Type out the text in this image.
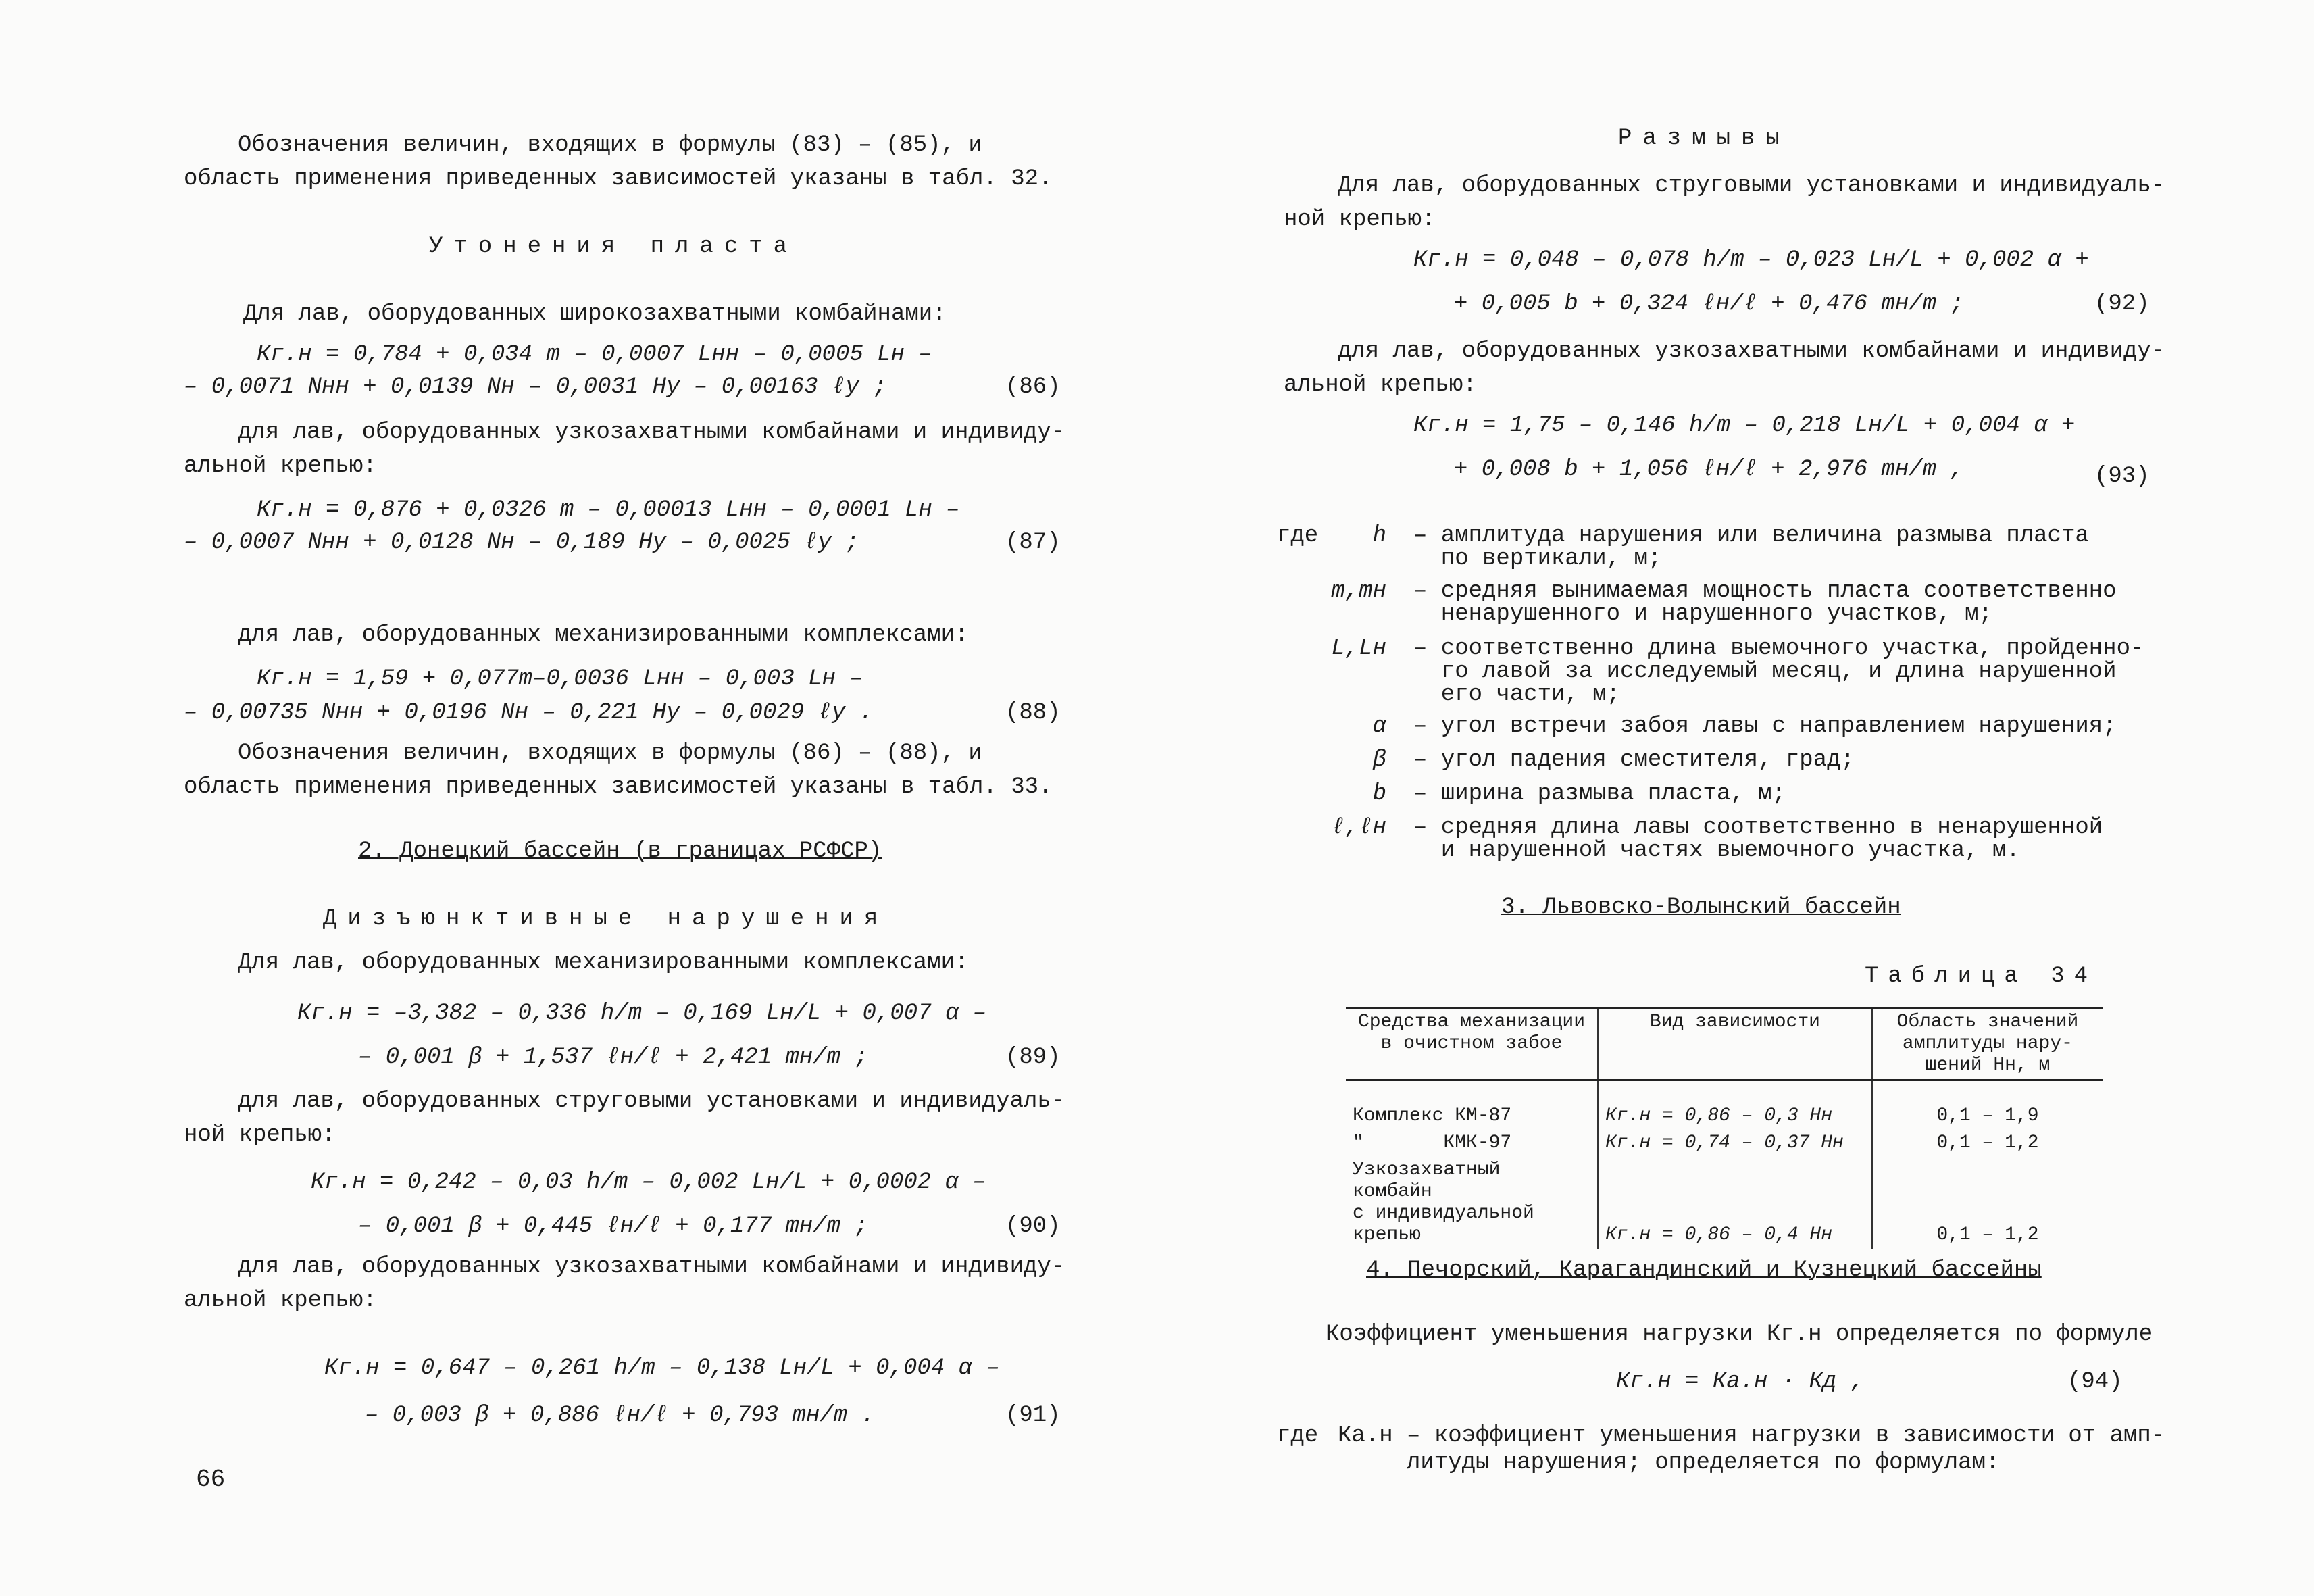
Обозначения величин, входящих в формулы (83) – (85), и
область применения приведенных зависимостей указаны в табл. 32.
Утонения пласта
Для лав, оборудованных широкозахватными комбайнами:
Кг.н = 0,784 + 0,034 m – 0,0007 Lнн – 0,0005 Lн –
– 0,0071 Nнн + 0,0139 Nн – 0,0031 Hy – 0,00163 ℓy ;	(86)
для лав, оборудованных узкозахватными комбайнами и индивиду-
альной крепью:
Кг.н = 0,876 + 0,0326 m – 0,00013 Lнн – 0,0001 Lн –
– 0,0007 Nнн + 0,0128 Nн – 0,189 Hy – 0,0025 ℓy ;	(87)
для лав, оборудованных механизированными комплексами:
Кг.н = 1,59 + 0,077m–0,0036 Lнн – 0,003 Lн –
– 0,00735 Nнн + 0,0196 Nн – 0,221 Hy – 0,0029 ℓy .	(88)
Обозначения величин, входящих в формулы (86) – (88), и
область применения приведенных зависимостей указаны в табл. 33.
2. Донецкий бассейн (в границах РСФСР)
Дизъюнктивные нарушения
Для лав, оборудованных механизированными комплексами:
Кг.н = –3,382 – 0,336 h/m – 0,169 Lн/L + 0,007 α –
– 0,001 β + 1,537 ℓн/ℓ + 2,421 mн/m ;	(89)
для лав, оборудованных струговыми установками и индивидуаль-
ной крепью:
Кг.н = 0,242 – 0,03 h/m – 0,002 Lн/L + 0,0002 α –
– 0,001 β + 0,445 ℓн/ℓ + 0,177 mн/m ;	(90)
для лав, оборудованных узкозахватными комбайнами и индивиду-
альной крепью:
Кг.н = 0,647 – 0,261 h/m – 0,138 Lн/L + 0,004 α –
– 0,003 β + 0,886 ℓн/ℓ + 0,793 mн/m .	(91)
66
Размывы
Для лав, оборудованных струговыми установками и индивидуаль-
ной крепью:
Кг.н = 0,048 – 0,078 h/m – 0,023 Lн/L + 0,002 α +
+ 0,005 b + 0,324 ℓн/ℓ + 0,476 mн/m ;	(92)
для лав, оборудованных узкозахватными комбайнами и индивиду-
альной крепью:
Кг.н = 1,75 – 0,146 h/m – 0,218 Lн/L + 0,004 α +
+ 0,008 b + 1,056 ℓн/ℓ + 2,976 mн/m ,	(93)
где	h – амплитуда нарушения или величина размыва пласта
по вертикали, м;
m,mн – средняя вынимаемая мощность пласта соответственно
ненарушенного и нарушенного участков, м;
L,Lн – соответственно длина выемочного участка, пройденно-
го лавой за исследуемый месяц, и длина нарушенной
его части, м;
α – угол встречи забоя лавы с направлением нарушения;
β – угол падения сместителя, град;
b – ширина размыва пласта, м;
ℓ,ℓн – средняя длина лавы соответственно в ненарушенной
и нарушенной частях выемочного участка, м.
3. Львовско-Волынский бассейн
Таблица 34
Средства механизации
в очистном забое	Вид зависимости	Область значений
амплитуды нару-
шений Hн, м
Комплекс КМ-87	Кг.н = 0,86 – 0,3 Hн	0,1 – 1,9
"       КМК-97	Кг.н = 0,74 – 0,37 Hн	0,1 – 1,2
Узкозахватный комбайн
с индивидуальной крепью	Кг.н = 0,86 – 0,4 Hн	0,1 – 1,2
4. Печорский, Карагандинский и Кузнецкий бассейны
Коэффициент уменьшения нагрузки Кг.н определяется по формуле
Кг.н = Ка.н · Кд ,	(94)
где Ка.н – коэффициент уменьшения нагрузки в зависимости от амп-
литуды нарушения; определяется по формулам:
